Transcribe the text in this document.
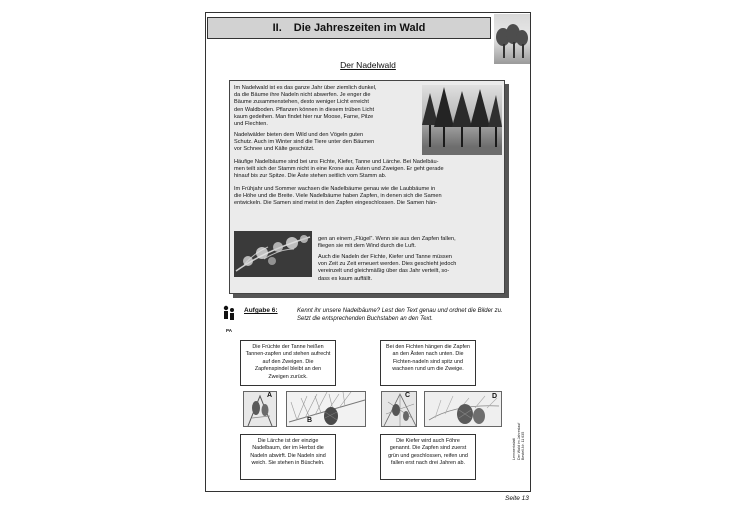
II. Die Jahreszeiten im Wald
Der Nadelwald
Im Nadelwald ist es das ganze Jahr über ziemlich dunkel,
da die Bäume ihre Nadeln nicht abwerfen. Je enger die
Bäume zusammenstehen, desto weniger Licht erreicht
den Waldboden. Pflanzen können in diesem trüben Licht
kaum gedeihen. Man findet hier nur Moose, Farne, Pilze
und Flechten.
Nadelwälder bieten dem Wild und den Vögeln guten
Schutz. Auch im Winter sind die Tiere unter den Bäumen
vor Schnee und Kälte geschützt.
Häufige Nadelbäume sind bei uns Fichte, Kiefer, Tanne und Lärche. Bei Nadelbäu-
men teilt sich der Stamm nicht in eine Krone aus Ästen und Zweigen. Er geht gerade
hinauf bis zur Spitze. Die Äste stehen seitlich vom Stamm ab.
Im Frühjahr und Sommer wachsen die Nadelbäume genau wie die Laubbäume in
die Höhe und die Breite. Viele Nadelbäume haben Zapfen, in denen sich die Samen
entwickeln. Die Samen sind meist in den Zapfen eingeschlossen. Die Samen hän-
gen an einem „Flügel“. Wenn sie aus den Zapfen fallen,
fliegen sie mit dem Wind durch die Luft.
Auch die Nadeln der Fichte, Kiefer und Tanne müssen
von Zeit zu Zeit erneuert werden. Dies geschieht jedoch
vereinzelt und gleichmäßig über das Jahr verteilt, so-
dass es kaum auffällt.
PA
Aufgabe 6:	Kennt ihr unsere Nadelbäume? Lest den Text genau und ordnet die Bilder zu. Setzt die entsprechenden Buchstaben an den Text.
Die Früchte der Tanne heißen Tannen-zapfen und stehen aufrecht auf den Zweigen. Die Zapfenspindel bleibt an den Zweigen zurück.
Bei den Fichten hängen die Zapfen an den Ästen nach unten. Die Fichten-nadeln sind spitz und wachsen rund um die Zweige.
Die Lärche ist der einzige Nadelbaum, der im Herbst die Nadeln abwirft. Die Nadeln sind weich. Sie stehen in Büscheln.
Die Kiefer wird auch Föhre genannt. Die Zapfen sind zuerst grün und geschlossen, reifen und fallen erst nach drei Jahren ab.
A
B
C	D
Lernwerkstatt Der Wald im Jahreslauf Bestell-Nr. 11 635
Seite 13
